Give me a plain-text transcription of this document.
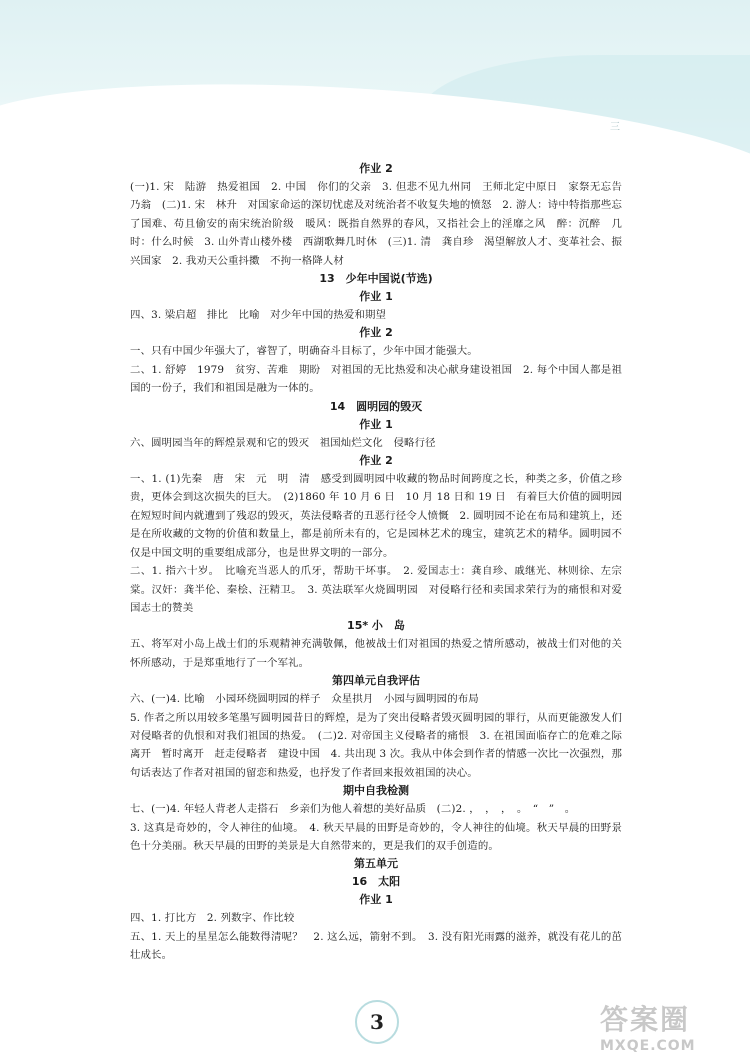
三
作业 2
(一)1. 宋　陆游　热爱祖国　2. 中国　你们的父亲　3. 但悲不见九州同　王师北定中原日　家祭无忘告乃翁　(二)1. 宋　林升　对国家命运的深切忧虑及对统治者不收复失地的愤怒　2. 游人：诗中特指那些忘了国难、苟且偷安的南宋统治阶级　暖风：既指自然界的春风，又指社会上的淫靡之风　醉：沉醉　几时：什么时候　3. 山外青山楼外楼　西湖歌舞几时休　(三)1. 清　龚自珍　渴望解放人才、变革社会、振兴国家　2. 我劝天公重抖擞　不拘一格降人材
13　少年中国说(节选)
作业 1
四、3. 梁启超　排比　比喻　对少年中国的热爱和期望
作业 2
一、只有中国少年强大了，睿智了，明确奋斗目标了，少年中国才能强大。
二、1. 舒婷　1979　贫穷、苦难　期盼　对祖国的无比热爱和决心献身建设祖国　2. 每个中国人都是祖国的一份子，我们和祖国是融为一体的。
14　圆明园的毁灭
作业 1
六、圆明园当年的辉煌景观和它的毁灭　祖国灿烂文化　侵略行径
作业 2
一、1. (1)先秦　唐　宋　元　明　清　感受到圆明园中收藏的物品时间跨度之长，种类之多，价值之珍贵，更体会到这次损失的巨大。　(2)1860 年 10 月 6 日　10 月 18 日和 19 日　有着巨大价值的圆明园在短短时间内就遭到了残忍的毁灭，英法侵略者的丑恶行径令人愤慨　2. 圆明园不论在布局和建筑上，还是在所收藏的文物的价值和数量上，都是前所未有的，它是园林艺术的瑰宝，建筑艺术的精华。圆明园不仅是中国文明的重要组成部分，也是世界文明的一部分。
二、1. 指六十岁。　比喻充当恶人的爪牙，帮助干坏事。　2. 爱国志士：龚自珍、戚继光、林则徐、左宗棠。汉奸：龚半伦、秦桧、汪精卫。　3. 英法联军火烧圆明园　对侵略行径和卖国求荣行为的痛恨和对爱国志士的赞美
15* 小　岛
五、将军对小岛上战士们的乐观精神充满敬佩，他被战士们对祖国的热爱之情所感动，被战士们对他的关怀所感动，于是郑重地行了一个军礼。
第四单元自我评估
六、(一)4. 比喻　小园环绕圆明园的样子　众星拱月　小园与圆明园的布局
5. 作者之所以用较多笔墨写圆明园昔日的辉煌，是为了突出侵略者毁灭圆明园的罪行，从而更能激发人们对侵略者的仇恨和对我们祖国的热爱。　(二)2. 对帝国主义侵略者的痛恨　3. 在祖国面临存亡的危难之际离开　暂时离开　赶走侵略者　建设中国　4. 共出现 3 次。我从中体会到作者的情感一次比一次强烈，那句话表达了作者对祖国的留恋和热爱，也抒发了作者回来报效祖国的决心。
期中自我检测
七、(一)4. 年轻人背老人走搭石　乡亲们为他人着想的美好品质　(二)2. ，　，　，　。　“　”　。
3. 这真是奇妙的，令人神往的仙境。　4. 秋天早晨的田野是奇妙的，令人神往的仙境。秋天早晨的田野景色十分美丽。秋天早晨的田野的美景是大自然带来的，更是我们的双手创造的。
第五单元
16　太阳
作业 1
四、1. 打比方　2. 列数字、作比较
五、1. 天上的星星怎么能数得清呢？　2. 这么远，箭射不到。　3. 没有阳光雨露的滋养，就没有花儿的茁壮成长。
3	答案圈
MXQE.COM
